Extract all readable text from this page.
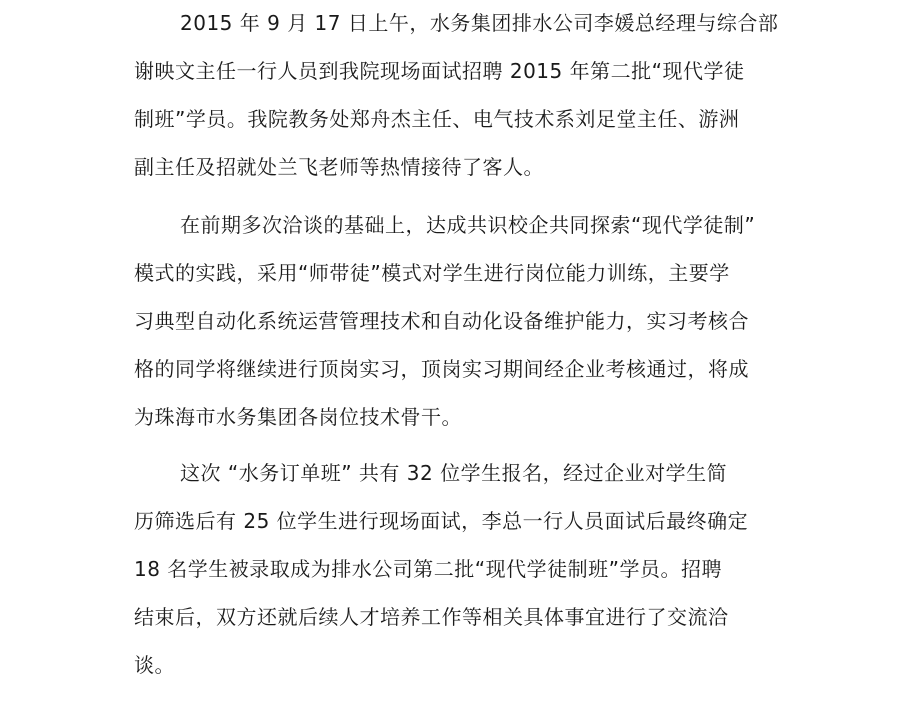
2015 年 9 月 17 日上午，水务集团排水公司李媛总经理与综合部
谢映文主任一行人员到我院现场面试招聘 2015 年第二批“现代学徒
制班”学员。我院教务处郑舟杰主任、电气技术系刘足堂主任、游洲
副主任及招就处兰飞老师等热情接待了客人。
在前期多次洽谈的基础上，达成共识校企共同探索“现代学徒制”
模式的实践，采用“师带徒”模式对学生进行岗位能力训练，主要学
习典型自动化系统运营管理技术和自动化设备维护能力，实习考核合
格的同学将继续进行顶岗实习，顶岗实习期间经企业考核通过，将成
为珠海市水务集团各岗位技术骨干。
这次 “水务订单班” 共有 32 位学生报名，经过企业对学生简
历筛选后有 25 位学生进行现场面试，李总一行人员面试后最终确定
18 名学生被录取成为排水公司第二批“现代学徒制班”学员。招聘
结束后，双方还就后续人才培养工作等相关具体事宜进行了交流洽
谈。
